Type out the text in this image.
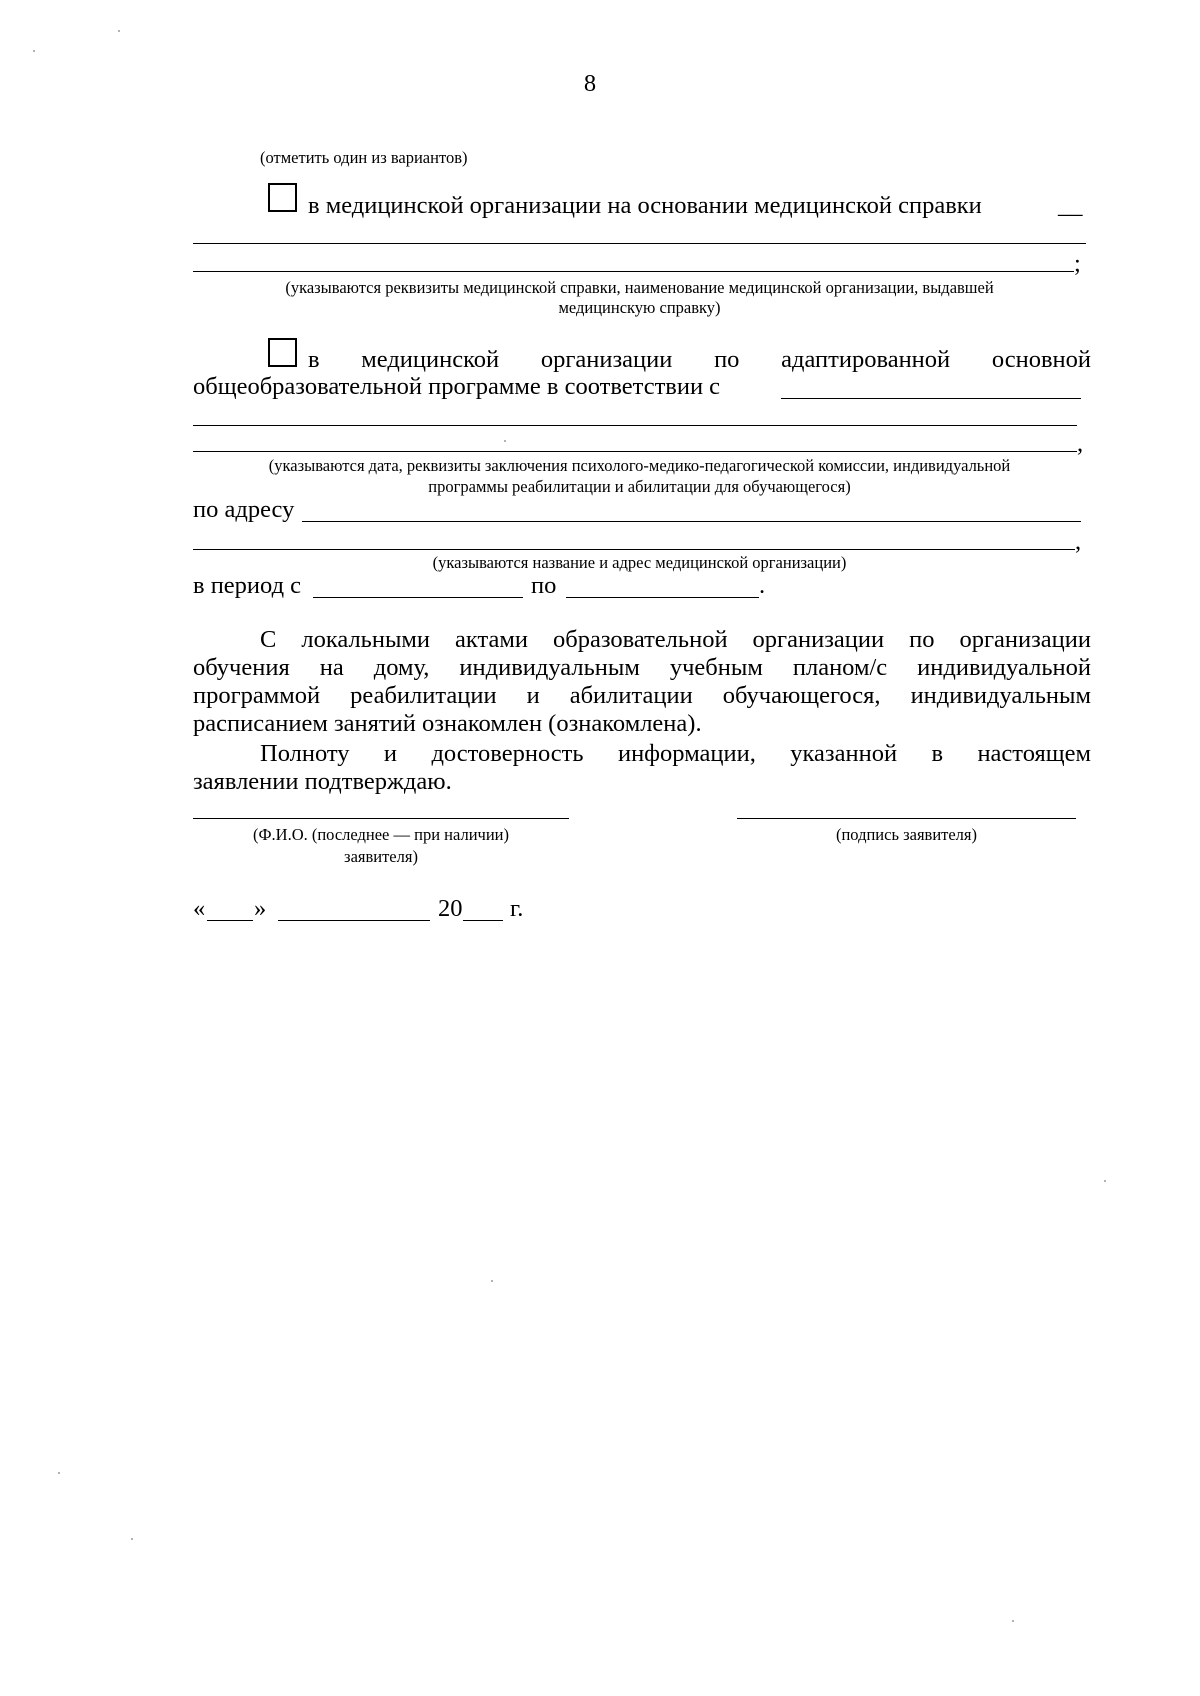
8
(отметить один из вариантов)
в медицинской организации на основании медицинской справки	__
;
(указываются реквизиты медицинской справки, наименование медицинской организации, выдавшей
медицинскую справку)
в медицинской организации по адаптированной основной
общеобразовательной программе в соответствии с
,
(указываются дата, реквизиты заключения психолого-медико-педагогической комиссии, индивидуальной
программы реабилитации и абилитации для обучающегося)
по адресу
,
(указываются название и адрес медицинской организации)
в период с	по	.
С локальными актами образовательной организации по организации
обучения на дому, индивидуальным учебным планом/с индивидуальной
программой реабилитации и абилитации обучающегося, индивидуальным
расписанием занятий ознакомлен (ознакомлена).
Полноту и достоверность информации, указанной в настоящем
заявлении подтверждаю.
(Ф.И.О. (последнее — при наличии)
заявителя)
(подпись заявителя)
« »	20 г.
